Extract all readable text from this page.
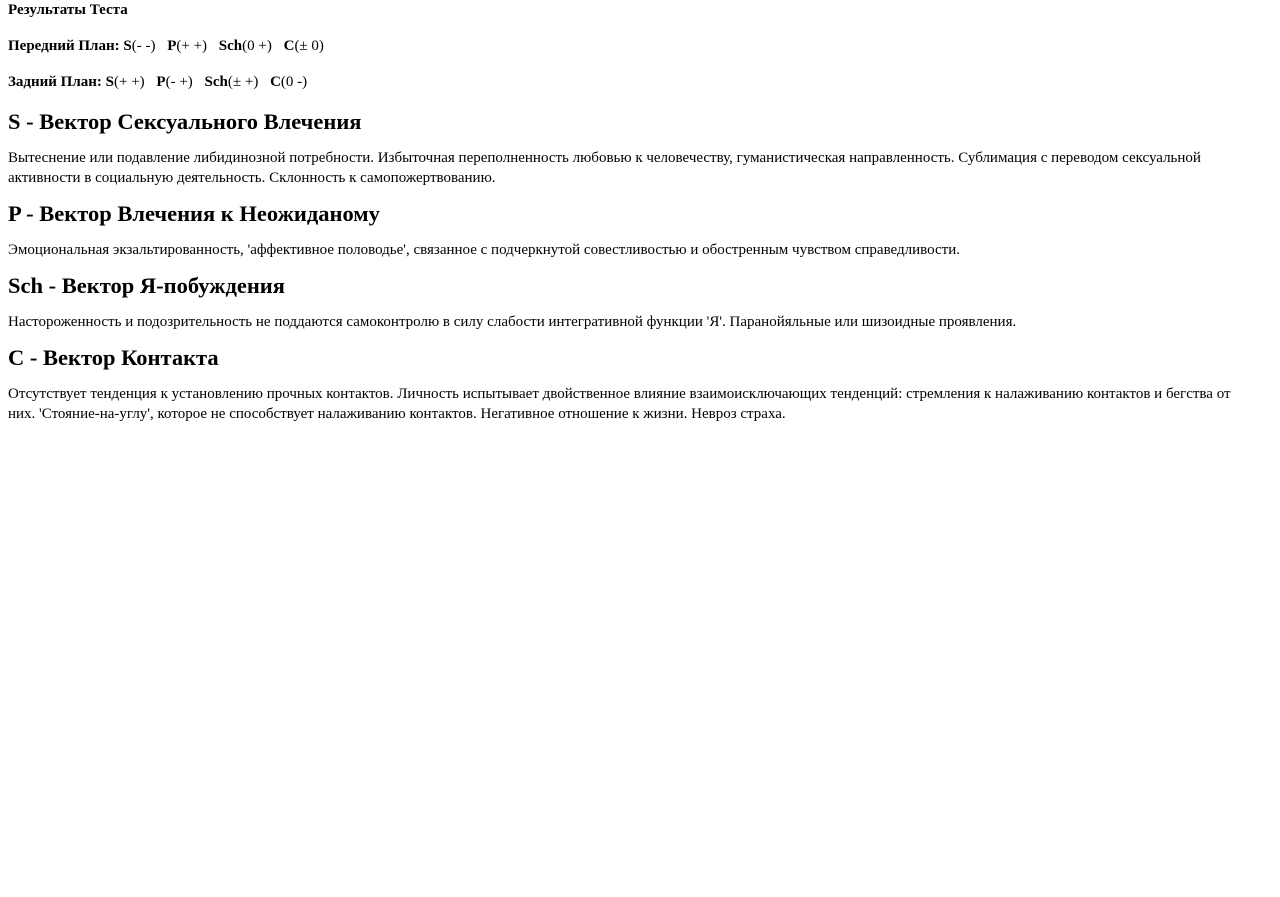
Результаты Теста

Передний План: S(- -) P(+ +) Sch(0 +) C(± 0)

Задний План: S(+ +) P(- +) Sch(± +) C(0 -)

S - Вектор Сексуального Влечения

Вытеснение или подавление либидинозной потребности. Избыточная переполненность любовью к человечеству, гуманистическая направленность. Сублимация с переводом сексуальной активности в социальную деятельность. Склонность к самопожертвованию.

P - Вектор Влечения к Неожиданому

Эмоциональная экзальтированность, 'аффективное половодье', связанное с подчеркнутой совестливостью и обостренным чувством справедливости.

Sch - Вектор Я-побуждения

Настороженность и подозрительность не поддаются самоконтролю в силу слабости интегративной функции 'Я'. Паранойяльные или шизоидные проявления.

C - Вектор Контакта

Отсутствует тенденция к установлению прочных контактов. Личность испытывает двойственное влияние взаимоисключающих тенденций: стремления к налаживанию контактов и бегства от них. 'Стояние-на-углу', которое не способствует налаживанию контактов. Негативное отношение к жизни. Невроз страха.
